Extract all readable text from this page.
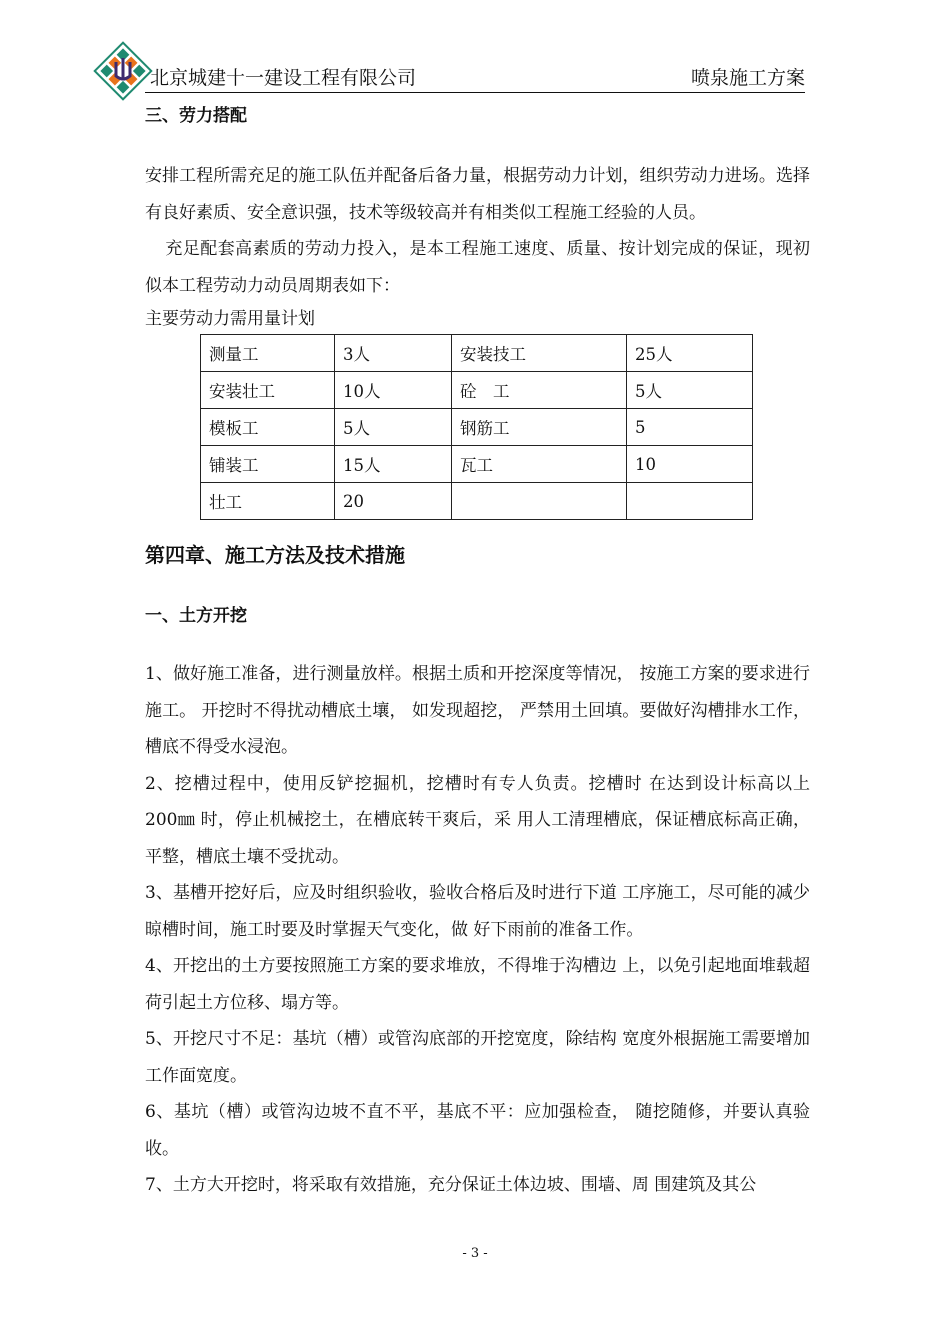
北京城建十一建设工程有限公司	喷泉施工方案
三、劳力搭配
安排工程所需充足的施工队伍并配备后备力量，根据劳动力计划，组织劳动力进场。选择有良好素质、安全意识强，技术等级较高并有相类似工程施工经验的人员。
充足配套高素质的劳动力投入，是本工程施工速度、质量、按计划完成的保证，现初似本工程劳动力动员周期表如下：
主要劳动力需用量计划
测量工	3人	安装技工	25人
安装壮工	10人	砼　工	5人
模板工	5人	钢筋工	5
铺装工	15人	瓦工	10
壮工	20		
第四章、施工方法及技术措施
一、土方开挖
1、做好施工准备，进行测量放样。根据土质和开挖深度等情况， 按施工方案的要求进行施工。 开挖时不得扰动槽底土壤， 如发现超挖， 严禁用土回填。要做好沟槽排水工作，槽底不得受水浸泡。
2、挖槽过程中，使用反铲挖掘机，挖槽时有专人负责。挖槽时 在达到设计标高以上 200㎜ 时，停止机械挖土，在槽底转干爽后，采 用人工清理槽底，保证槽底标高正确，平整，槽底土壤不受扰动。
3、基槽开挖好后，应及时组织验收，验收合格后及时进行下道 工序施工，尽可能的减少晾槽时间，施工时要及时掌握天气变化，做 好下雨前的准备工作。
4、开挖出的土方要按照施工方案的要求堆放，不得堆于沟槽边 上，以免引起地面堆载超荷引起土方位移、塌方等。
5、开挖尺寸不足：基坑（槽）或管沟底部的开挖宽度，除结构 宽度外根据施工需要增加工作面宽度。
6、基坑（槽）或管沟边坡不直不平，基底不平：应加强检查， 随挖随修，并要认真验收。
7、土方大开挖时，将采取有效措施，充分保证土体边坡、围墙、周 围建筑及其公
- 3 -
